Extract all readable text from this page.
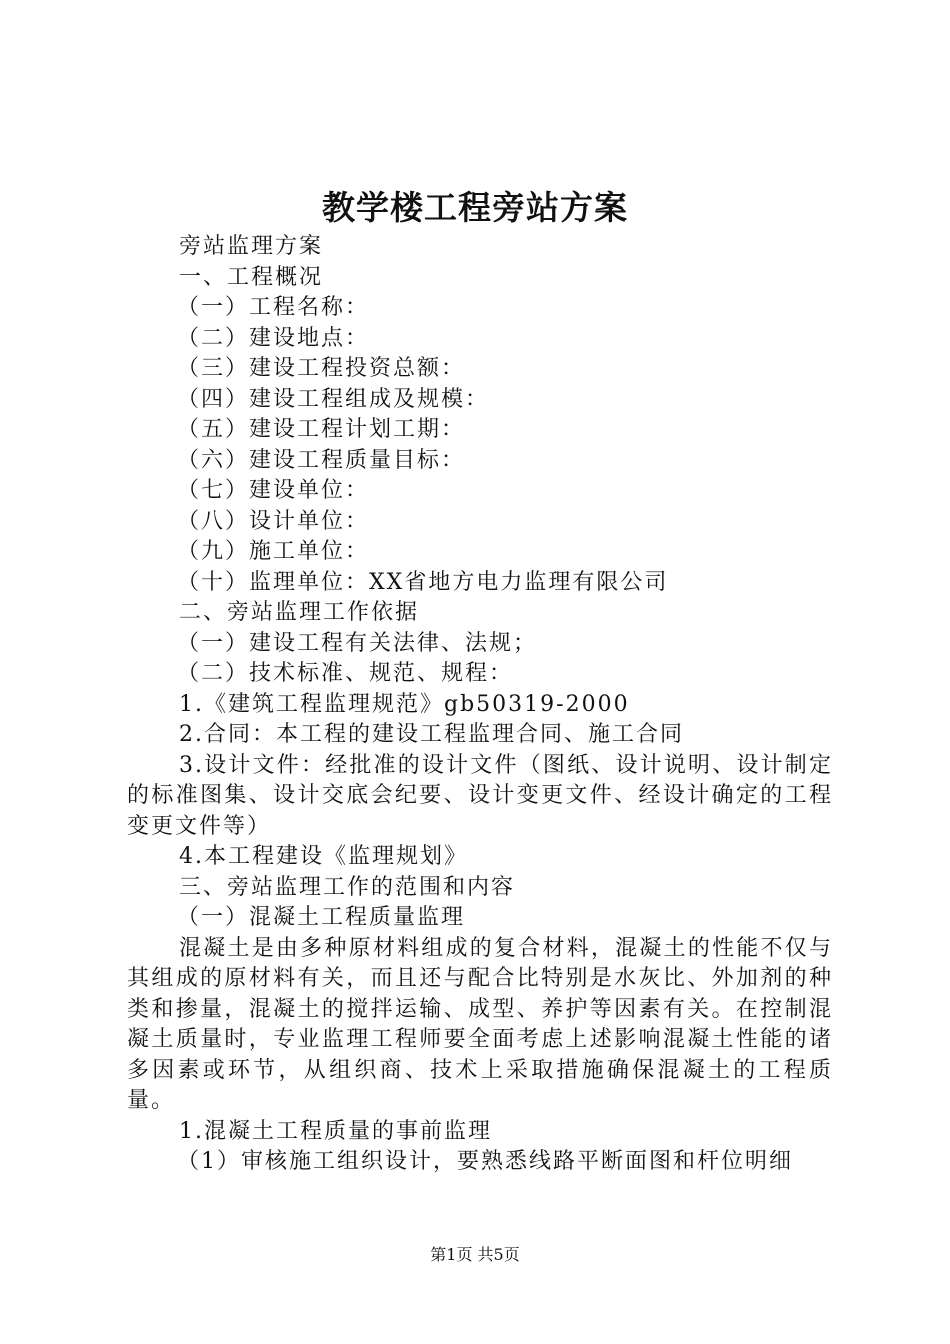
教学楼工程旁站方案
旁站监理方案
一、工程概况
（一）工程名称：
（二）建设地点：
（三）建设工程投资总额：
（四）建设工程组成及规模：
（五）建设工程计划工期：
（六）建设工程质量目标：
（七）建设单位：
（八）设计单位：
（九）施工单位：
（十）监理单位：XX省地方电力监理有限公司
二、旁站监理工作依据
（一）建设工程有关法律、法规；
（二）技术标准、规范、规程：
1.《建筑工程监理规范》gb50319-2000
2.合同：本工程的建设工程监理合同、施工合同
3.设计文件：经批准的设计文件（图纸、设计说明、设计制定的标准图集、设计交底会纪要、设计变更文件、经设计确定的工程变更文件等）
4.本工程建设《监理规划》
三、旁站监理工作的范围和内容
（一）混凝土工程质量监理
混凝土是由多种原材料组成的复合材料，混凝土的性能不仅与其组成的原材料有关，而且还与配合比特别是水灰比、外加剂的种类和掺量，混凝土的搅拌运输、成型、养护等因素有关。在控制混凝土质量时，专业监理工程师要全面考虑上述影响混凝土性能的诸多因素或环节，从组织商、技术上采取措施确保混凝土的工程质量。
1.混凝土工程质量的事前监理
（1）审核施工组织设计，要熟悉线路平断面图和杆位明细
第1页 共5页
